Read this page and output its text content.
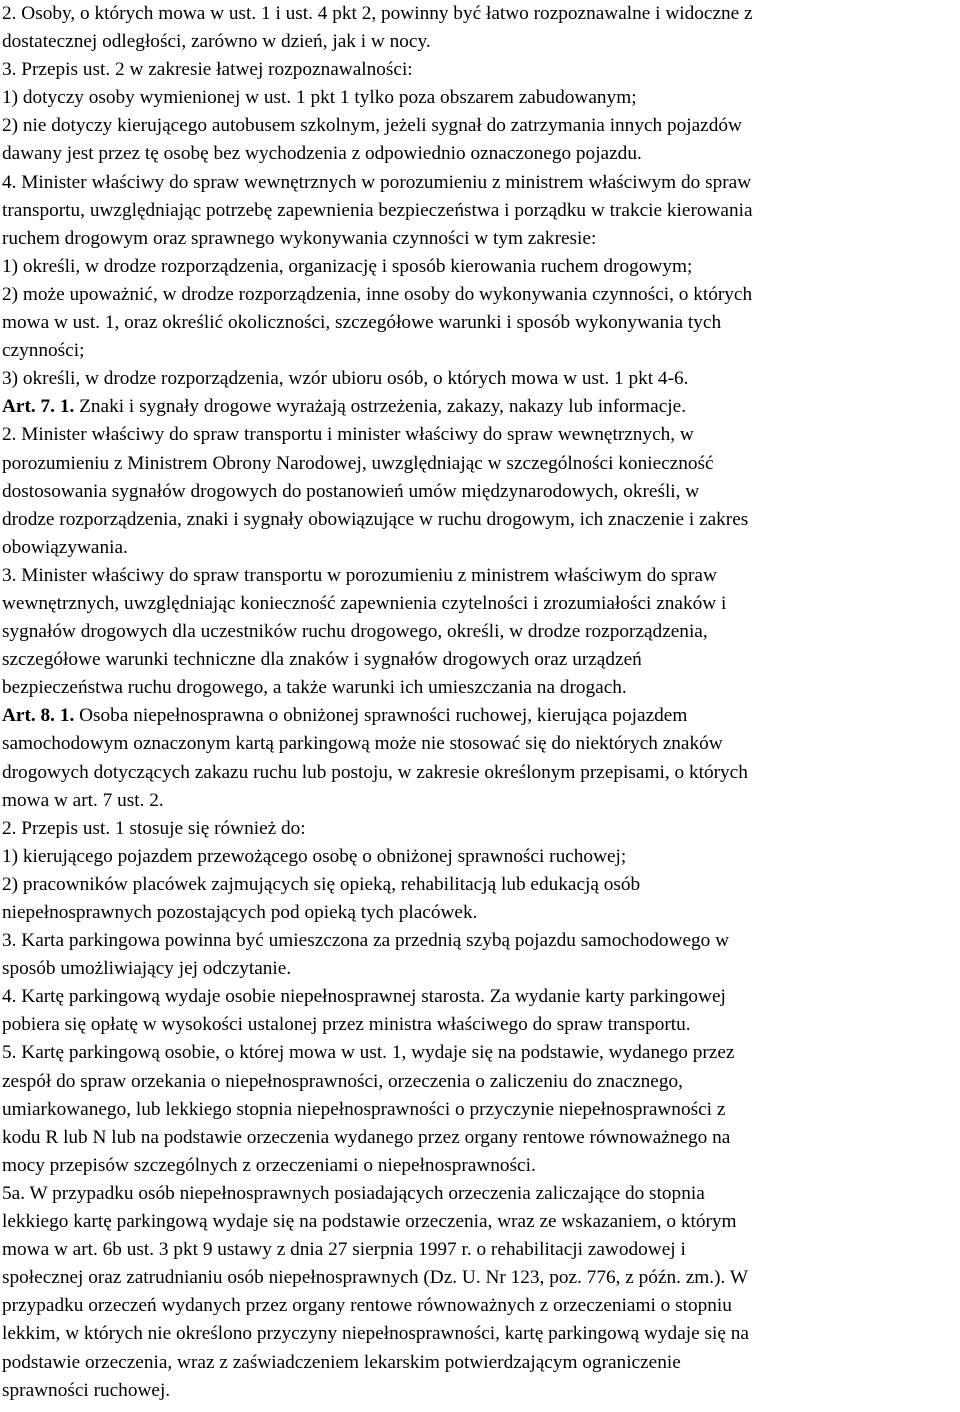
2. Osoby, o których mowa w ust. 1 i ust. 4 pkt 2, powinny być łatwo rozpoznawalne i widoczne z
dostatecznej odległości, zarówno w dzień, jak i w nocy.
3. Przepis ust. 2 w zakresie łatwej rozpoznawalności:
1) dotyczy osoby wymienionej w ust. 1 pkt 1 tylko poza obszarem zabudowanym;
2) nie dotyczy kierującego autobusem szkolnym, jeżeli sygnał do zatrzymania innych pojazdów
dawany jest przez tę osobę bez wychodzenia z odpowiednio oznaczonego pojazdu.
4. Minister właściwy do spraw wewnętrznych w porozumieniu z ministrem właściwym do spraw
transportu, uwzględniając potrzebę zapewnienia bezpieczeństwa i porządku w trakcie kierowania
ruchem drogowym oraz sprawnego wykonywania czynności w tym zakresie:
1) określi, w drodze rozporządzenia, organizację i sposób kierowania ruchem drogowym;
2) może upoważnić, w drodze rozporządzenia, inne osoby do wykonywania czynności, o których
mowa w ust. 1, oraz określić okoliczności, szczegółowe warunki i sposób wykonywania tych
czynności;
3) określi, w drodze rozporządzenia, wzór ubioru osób, o których mowa w ust. 1 pkt 4-6.
Art. 7. 1. Znaki i sygnały drogowe wyrażają ostrzeżenia, zakazy, nakazy lub informacje.
2. Minister właściwy do spraw transportu i minister właściwy do spraw wewnętrznych, w
porozumieniu z Ministrem Obrony Narodowej, uwzględniając w szczególności konieczność
dostosowania sygnałów drogowych do postanowień umów międzynarodowych, określi, w
drodze rozporządzenia, znaki i sygnały obowiązujące w ruchu drogowym, ich znaczenie i zakres
obowiązywania.
3. Minister właściwy do spraw transportu w porozumieniu z ministrem właściwym do spraw
wewnętrznych, uwzględniając konieczność zapewnienia czytelności i zrozumiałości znaków i
sygnałów drogowych dla uczestników ruchu drogowego, określi, w drodze rozporządzenia,
szczegółowe warunki techniczne dla znaków i sygnałów drogowych oraz urządzeń
bezpieczeństwa ruchu drogowego, a także warunki ich umieszczania na drogach.
Art. 8. 1. Osoba niepełnosprawna o obniżonej sprawności ruchowej, kierująca pojazdem
samochodowym oznaczonym kartą parkingową może nie stosować się do niektórych znaków
drogowych dotyczących zakazu ruchu lub postoju, w zakresie określonym przepisami, o których
mowa w art. 7 ust. 2.
2. Przepis ust. 1 stosuje się również do:
1) kierującego pojazdem przewożącego osobę o obniżonej sprawności ruchowej;
2) pracowników placówek zajmujących się opieką, rehabilitacją lub edukacją osób
niepełnosprawnych pozostających pod opieką tych placówek.
3. Karta parkingowa powinna być umieszczona za przednią szybą pojazdu samochodowego w
sposób umożliwiający jej odczytanie.
4. Kartę parkingową wydaje osobie niepełnosprawnej starosta. Za wydanie karty parkingowej
pobiera się opłatę w wysokości ustalonej przez ministra właściwego do spraw transportu.
5. Kartę parkingową osobie, o której mowa w ust. 1, wydaje się na podstawie, wydanego przez
zespół do spraw orzekania o niepełnosprawności, orzeczenia o zaliczeniu do znacznego,
umiarkowanego, lub lekkiego stopnia niepełnosprawności o przyczynie niepełnosprawności z
kodu R lub N lub na podstawie orzeczenia wydanego przez organy rentowe równoważnego na
mocy przepisów szczególnych z orzeczeniami o niepełnosprawności.
5a. W przypadku osób niepełnosprawnych posiadających orzeczenia zaliczające do stopnia
lekkiego kartę parkingową wydaje się na podstawie orzeczenia, wraz ze wskazaniem, o którym
mowa w art. 6b ust. 3 pkt 9 ustawy z dnia 27 sierpnia 1997 r. o rehabilitacji zawodowej i
społecznej oraz zatrudnianiu osób niepełnosprawnych (Dz. U. Nr 123, poz. 776, z późn. zm.). W
przypadku orzeczeń wydanych przez organy rentowe równoważnych z orzeczeniami o stopniu
lekkim, w których nie określono przyczyny niepełnosprawności, kartę parkingową wydaje się na
podstawie orzeczenia, wraz z zaświadczeniem lekarskim potwierdzającym ograniczenie
sprawności ruchowej.
